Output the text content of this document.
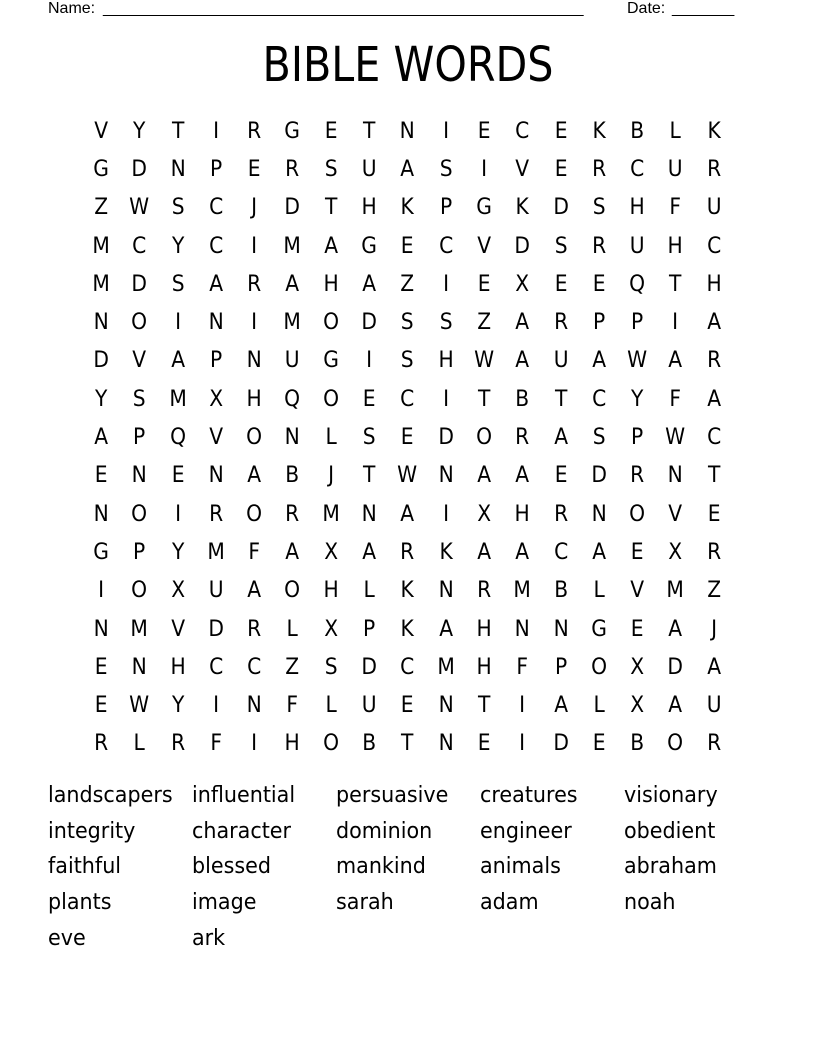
Name: ______________________________________________________	Date: _______
BIBLE WORDS
V	Y	T	I	R	G	E	T	N	I	E	C	E	K	B	L	K
G	D	N	P	E	R	S	U	A	S	I	V	E	R	C	U	R
Z W S	C	J	D	T	H	K	P	G	K	D	S	H	F	U
M	C	Y	C	I	M	A	G	E	C	V	D	S	R	U	H	C
M D	S	A	R	A	H	A	Z	I	E	X	E	E	Q	T	H
N	O	I	N	I	M O	D	S	S	Z	A	R	P	P	I	A
D	V	A	P	N	U	G	I	S	H W A	U	A W A	R
Y	S	M	X	H	Q	O	E	C	I	T	B	T	C	Y	F	A
A	P	Q	V	O	N	L	S	E	D	O	R	A	S	P	W C
E	N	E	N	A	B	J	T	W N	A	A	E	D	R	N	T
N	O	I	R	O	R	M N	A	I	X	H	R	N	O	V	E
G	P	Y	M	F	A	X	A	R	K	A	A	C	A	E	X	R
I	O	X	U	A	O	H	L	K	N	R	M	B	L	V	M	Z
N M	V	D	R	L	X	P	K	A	H	N	N	G	E	A	J
E	N	H	C	C	Z	S	D	C	M H	F	P	O	X	D	A
E W	Y	I	N	F	L	U	E	N	T	I	A	L	X	A	U
R	L	R	F	I	H	O	B	T	N	E	I	D	E	B	O	R
landscapers influential	persuasive	creatures	visionary
integrity	character	dominion	engineer	obedient
faithful	blessed	mankind	animals	abraham
plants	image	sarah	adam	noah
eve	ark
